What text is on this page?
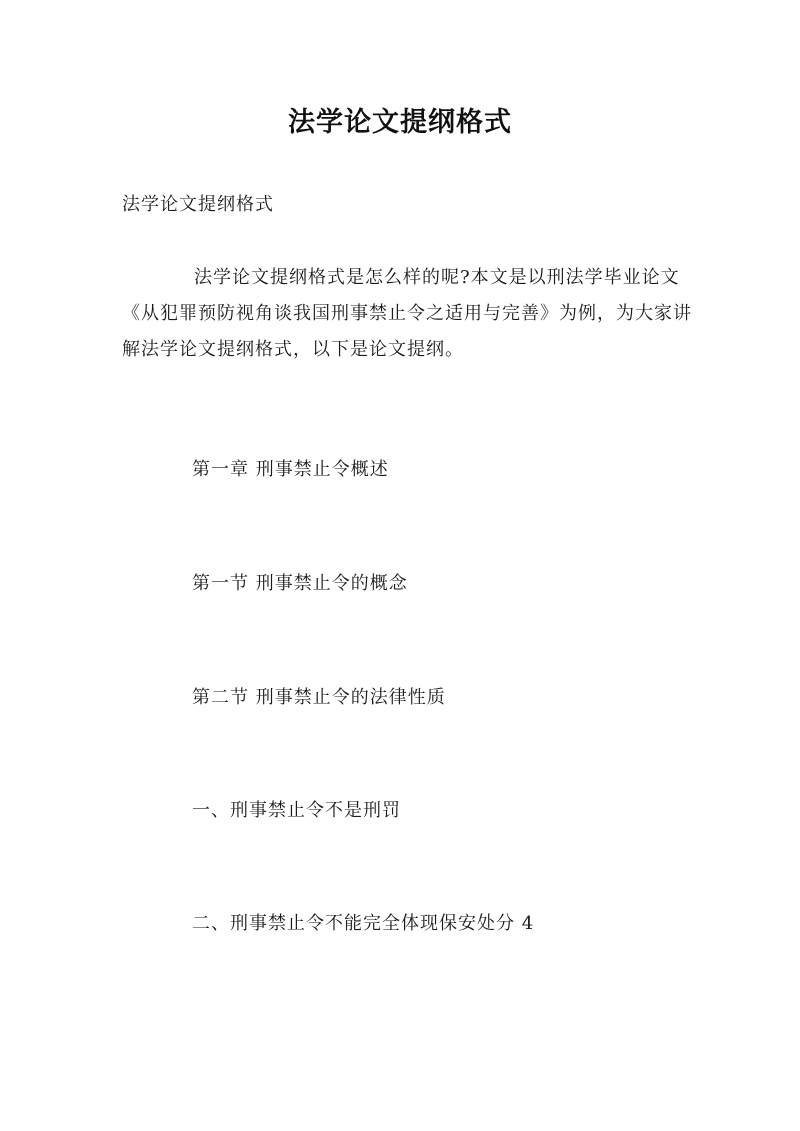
法学论文提纲格式

法学论文提纲格式

法学论文提纲格式是怎么样的呢?本文是以刑法学毕业论文《从犯罪预防视角谈我国刑事禁止令之适用与完善》为例，为大家讲解法学论文提纲格式，以下是论文提纲。

第一章 刑事禁止令概述

第一节 刑事禁止令的概念

第二节 刑事禁止令的法律性质

一、刑事禁止令不是刑罚

二、刑事禁止令不能完全体现保安处分 4
